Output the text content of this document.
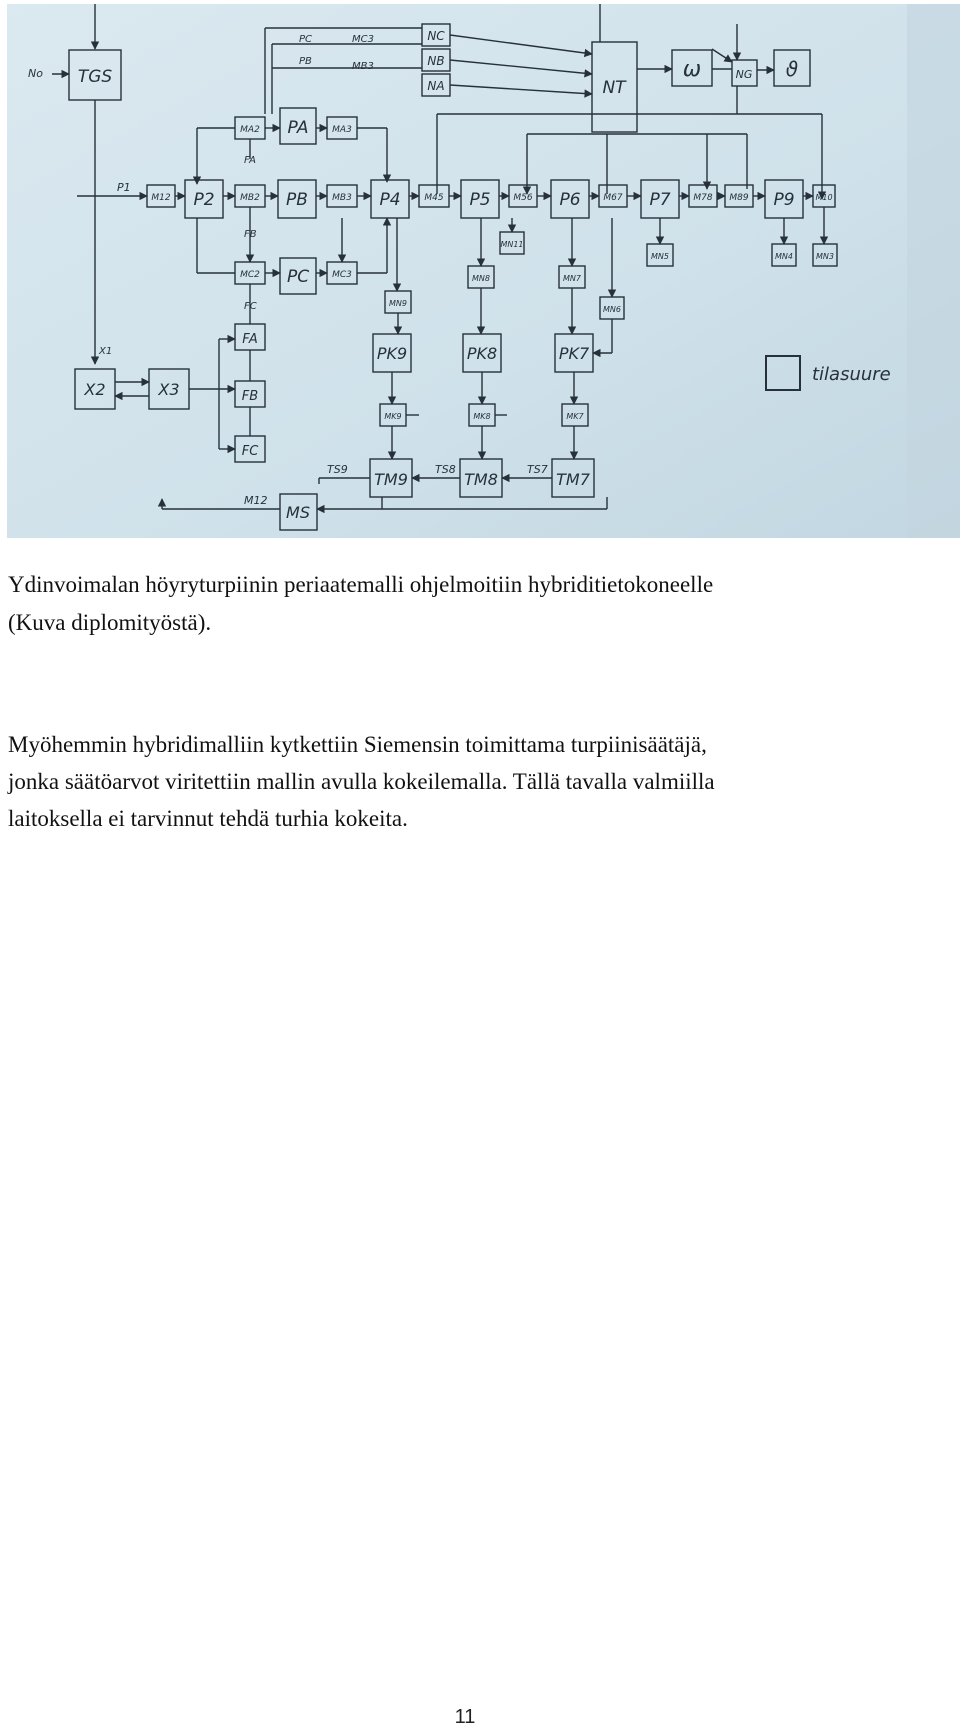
No
PC	MC3
PB	MB3
FA
FB
FC
P1
X1
TS9	TS8	TS7
M12
tilasuure
TGS
NC
NB
NA	NT
ω	NG ϑ
MA2 PA	MA3
M12 P2	MB2 PB	MB3 P4	M45 P5	M56 P6	M67 P7	M78 M89 P9	M10
MC2 PC	MC3
MN11
MN8	MN7
MN5	MN4	MN3
MN9
MN6
PK9	PK8	PK7
MK9	MK8	MK7
TM9	TM8	TM7
MS
X2	X3
FA
FB
FC

Ydinvoimalan höyryturpiinin periaatemalli ohjelmoitiin hybriditietokoneelle
(Kuva diplomityöstä).

Myöhemmin hybridimalliin kytkettiin Siemensin toimittama turpiinisäätäjä,
jonka säätöarvot viritettiin mallin avulla kokeilemalla. Tällä tavalla valmiilla
laitoksella ei tarvinnut tehdä turhia kokeita.

11
